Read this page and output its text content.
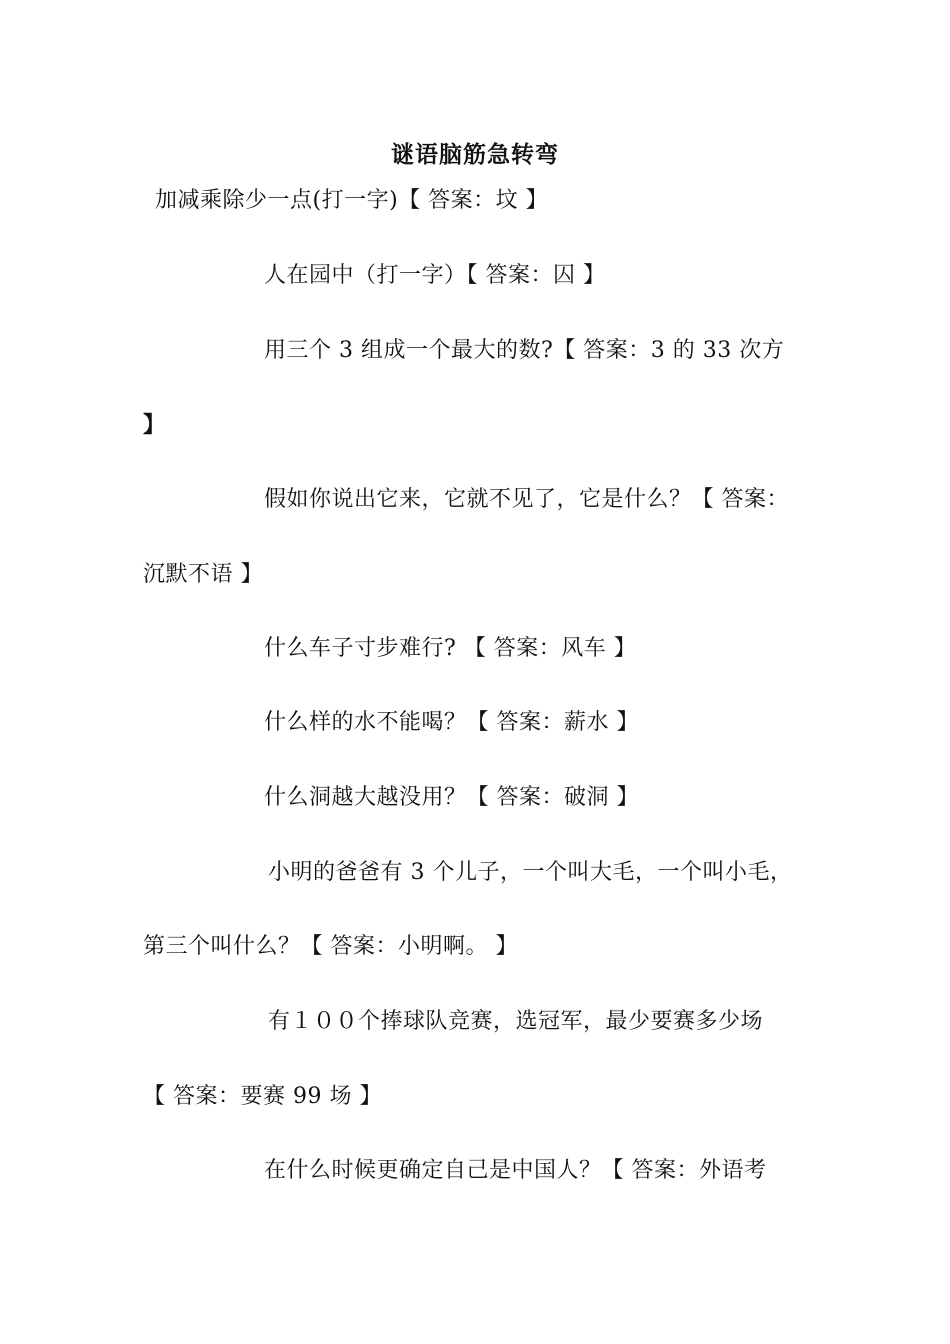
谜语脑筋急转弯
加减乘除少一点(打一字)【 答案：坟 】
人在园中（打一字）【 答案：囚 】
用三个 3 组成一个最大的数?【 答案：3 的 33 次方
】
假如你说出它来，它就不见了，它是什么？【 答案：
沉默不语 】
什么车子寸步难行? 【 答案：风车 】
什么样的水不能喝？【 答案：薪水 】
什么洞越大越没用？【 答案：破洞 】
小明的爸爸有 3 个儿子，一个叫大毛，一个叫小毛，
第三个叫什么？【 答案：小明啊。 】
有１００个捧球队竞赛，选冠军，最少要赛多少场
【 答案：要赛 99 场 】
在什么时候更确定自己是中国人？【 答案：外语考
